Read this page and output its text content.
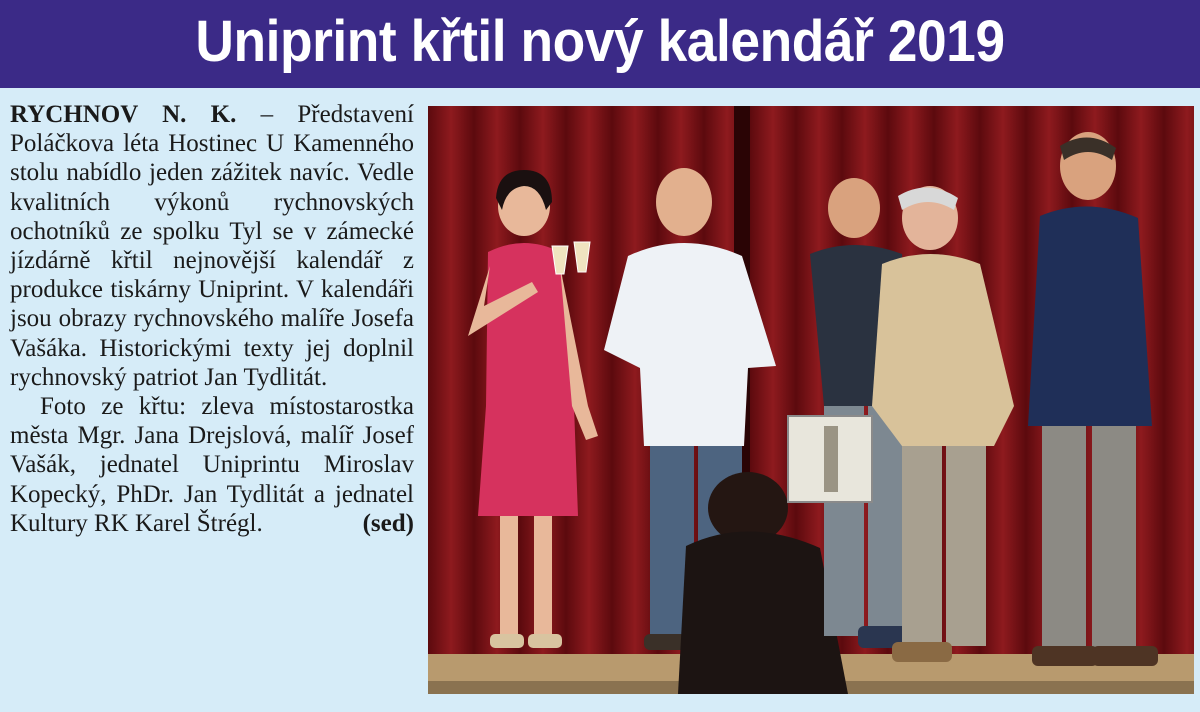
Uniprint křtil nový kalendář 2019

RYCHNOV N. K. – Představení Poláčkova léta Hostinec U Kamenného stolu nabídlo jeden zážitek navíc. Vedle kvalitních výkonů rychnovských ochotníků ze spolku Tyl se v zámecké jízdárně křtil nejnovější kalendář z produkce tiskárny Uniprint. V kalendáři jsou obrazy rychnovského malíře Josefa Vašáka. Historickými texty jej doplnil rychnovský patriot Jan Tydlitát.

Foto ze křtu: zleva místostarostka města Mgr. Jana Drejslová, malíř Josef Vašák, jednatel Uniprintu Miroslav Kopecký, PhDr. Jan Tydlitát a jednatel Kultury RK Karel Štrégl.	(sed)
